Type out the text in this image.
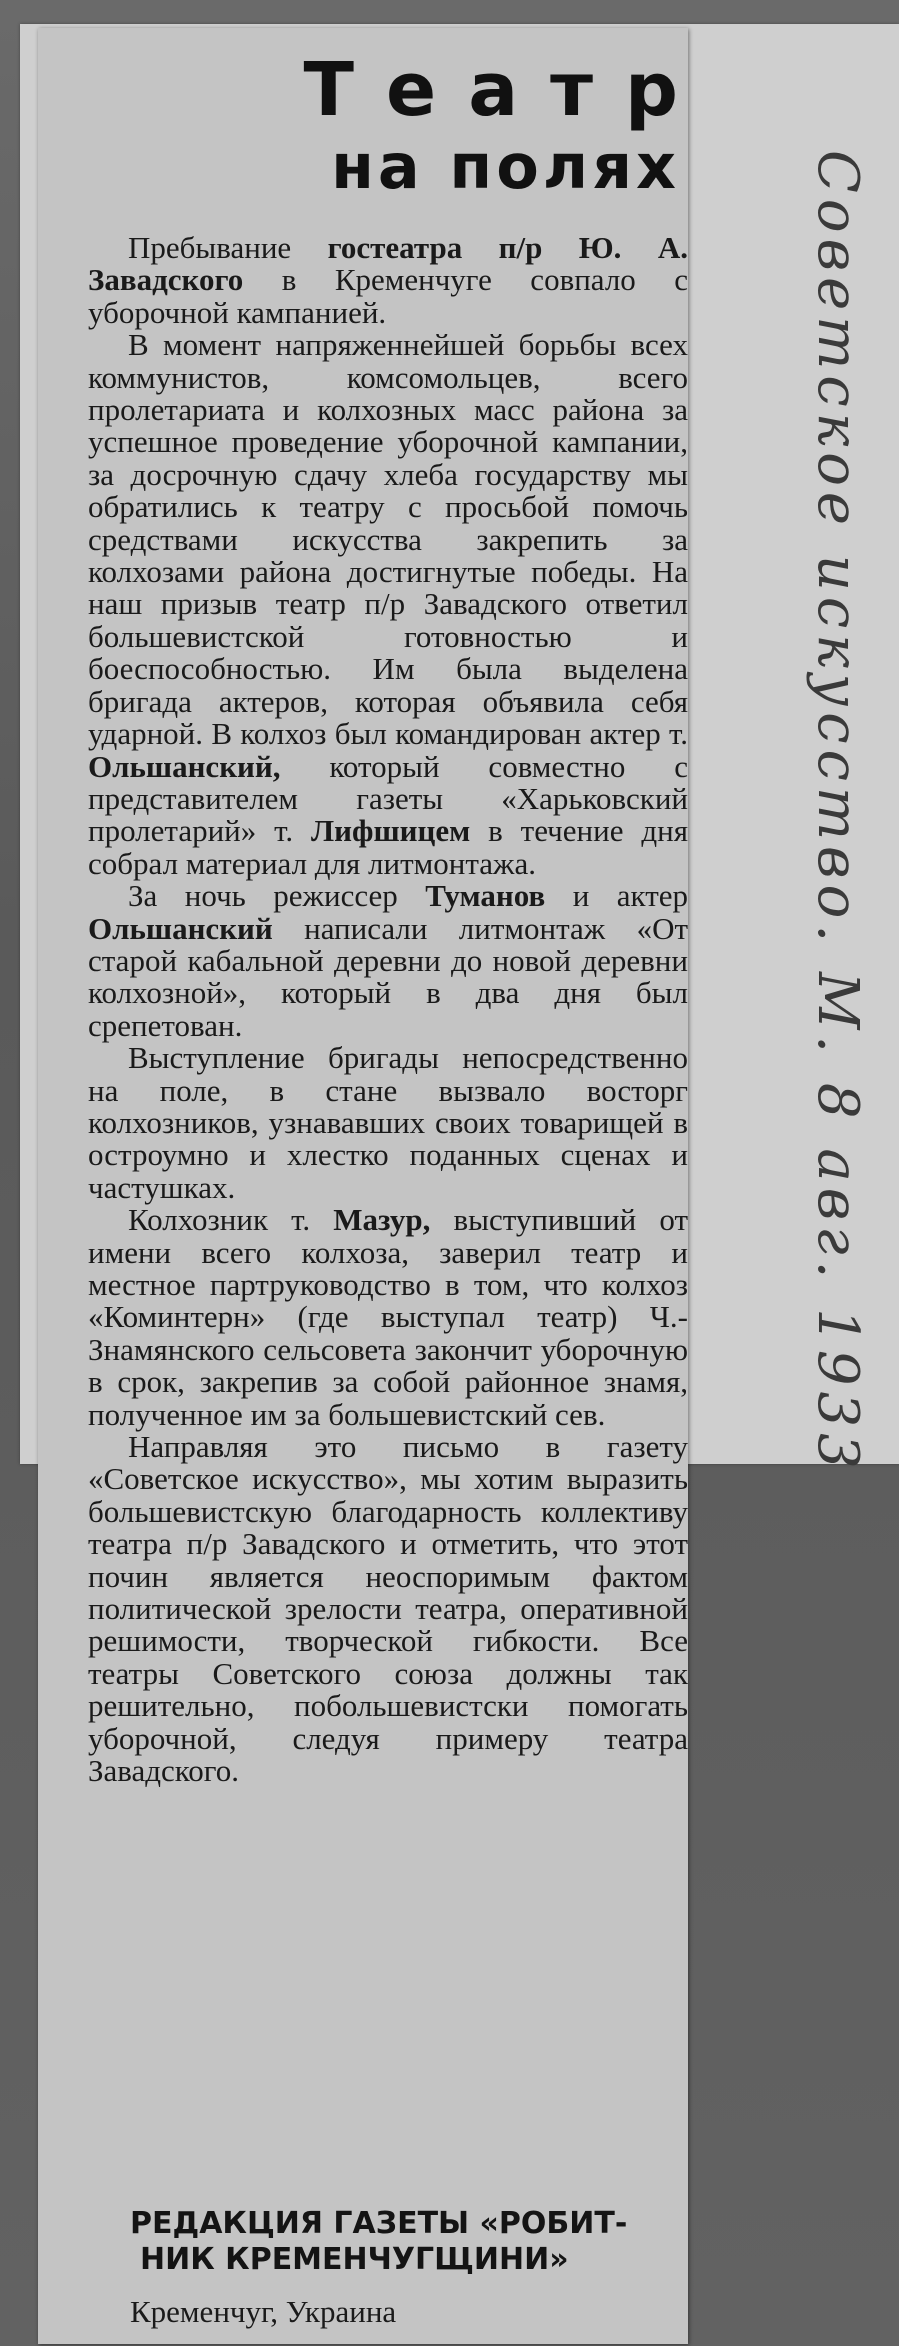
Советское искусство. М. 8 авг. 1933
Театр
на полях

Пребывание гостеатра п/р Ю. А. Завадского в Кременчуге совпало с уборочной кампанией.

В момент напряженнейшей борьбы всех коммунистов, комсомольцев, всего пролетариата и колхозных масс района за успешное проведение уборочной кампании, за досрочную сдачу хлеба государству мы обратились к театру с просьбой помочь средствами искусства закрепить за колхозами района достигнутые победы. На наш призыв театр п/р Завадского ответил большевистской готовностью и боеспособностью. Им была выделена бригада актеров, которая объявила себя ударной. В колхоз был командирован актер т. Ольшанский, который совместно с представителем газеты «Харьковский пролетарий» т. Лифшицем в течение дня собрал материал для литмонтажа.

За ночь режиссер Туманов и актер Ольшанский написали литмонтаж «От старой кабальной деревни до новой деревни колхозной», который в два дня был срепетован.

Выступление бригады непосредственно на поле, в стане вызвало восторг колхозников, узнававших своих товарищей в остроумно и хлестко поданных сценах и частушках.

Колхозник т. Мазур, выступивший от имени всего колхоза, заверил театр и местное партруководство в том, что колхоз «Коминтерн» (где выступал театр) Ч.-Знамянского сельсовета закончит уборочную в срок, закрепив за собой районное знамя, полученное им за большевистский сев.

Направляя это письмо в газету «Советское искусство», мы хотим выразить большевистскую благодарность коллективу театра п/р Завадского и отметить, что этот почин является неоспоримым фактом политической зрелости театра, оперативной решимости, творческой гибкости. Все театры Советского союза должны так решительно, побольшевистски помогать уборочной, следуя примеру театра Завадского.

РЕДАКЦИЯ ГАЗЕТЫ «РОБИТ-
НИК КРЕМЕНЧУГЩИНИ»
Кременчуг, Украина
